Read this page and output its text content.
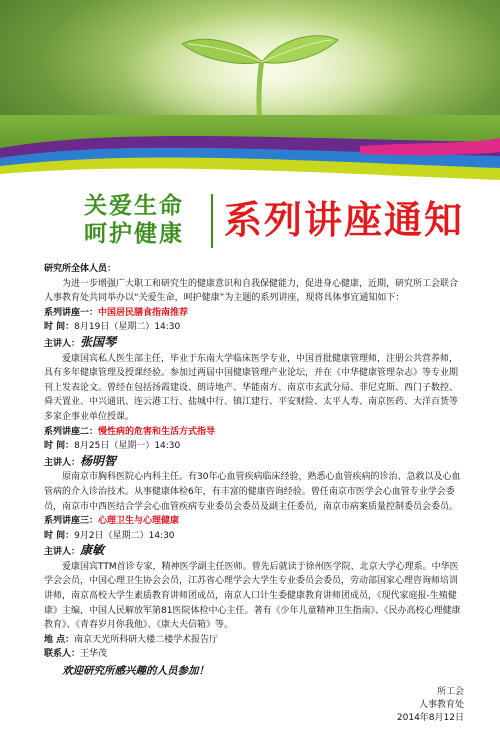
关爱生命
呵护健康	系列讲座通知

研究所全体人员：

为进一步增强广大职工和研究生的健康意识和自我保健能力，促进身心健康，近期，研究所工会联合人事教育处共同举办以“关爱生命，呵护健康”为主题的系列讲座，现将具体事宜通知如下：

系列讲座一：中国居民膳食指南推荐

时 间：8月19日（星期二）14:30

主讲人：张国琴

爱康国宾私人医生部主任，毕业于东南大学临床医学专业，中国首批健康管理师，注册公共营养师，具有多年健康管理及授课经验。参加过两届中国健康管理产业论坛，并在《中华健康管理杂志》等专业期刊上发表论文。曾经在包括扬霞建设、朗诗地产、华能南方、南京市玄武分局、菲尼克斯、西门子数控、舜天置业、中兴通讯、连云港工行、盐城中行、镇江建行、平安财险、太平人寿、南京医药、大洋百货等多家企事业单位授课。

系列讲座二：慢性病的危害和生活方式指导

时 间：8月25日（星期一）14:30

主讲人：杨明智

原南京市胸科医院心内科主任。有30年心血管疾病临床经验，熟悉心血管疾病的诊治、急救以及心血管病的介入诊治技术。从事健康体检6年，有丰富的健康咨询经验。曾任南京市医学会心血管专业学会委员，南京市中西医结合学会心血管疾病专业委员会委员及副主任委员，南京市病案质量控制委员会委员。

系列讲座三：心理卫生与心理健康

时 间：9月2日（星期二）14:30

主讲人：康敏

爱康国宾TTM首诊专家，精神医学副主任医师。曾先后就读于徐州医学院、北京大学心理系。中华医学会会员，中国心理卫生协会会员，江苏省心理学会大学生专业委员会委员，劳动部国家心理咨询师培训讲师，南京高校大学生素质教育讲师团成员，南京人口计生委健康教育讲师团成员，《现代家庭报-生殖健康》主编，中国人民解放军第81医院体检中心主任。著有《少年儿童精神卫生指南》、《民办高校心理健康教育》、《青春岁月你我他》、《康大夫信箱》等。

地 点：南京天光所科研大楼二楼学术报告厅

联系人：王华茂

欢迎研究所感兴趣的人员参加！

所工会
人事教育处
2014年8月12日
